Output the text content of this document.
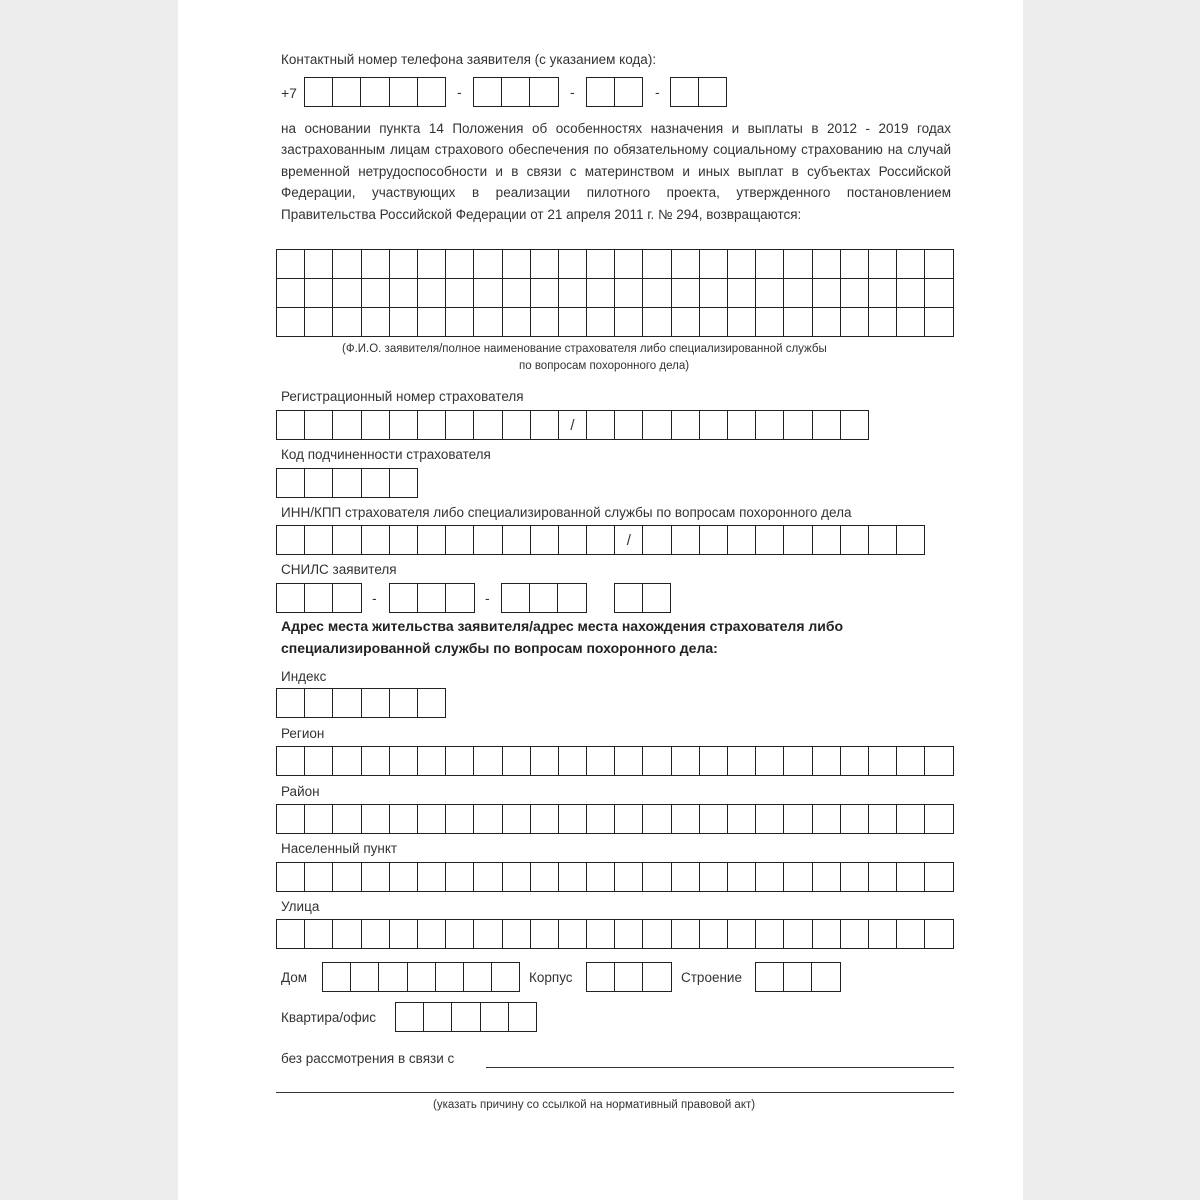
Контактный номер телефона заявителя (с указанием кода):
+7	-	-	-
на основании пункта 14 Положения об особенностях назначения и выплаты в 2012 - 2019 годах застрахованным лицам страхового обеспечения по обязательному социальному страхованию на случай временной нетрудоспособности и в связи с материнством и иных выплат в субъектах Российской Федерации, участвующих в реализации пилотного проекта, утвержденного постановлением Правительства Российской Федерации от 21 апреля 2011 г. № 294, возвращаются:
(Ф.И.О. заявителя/полное наименование страхователя либо специализированной службы
по вопросам похоронного дела)
Регистрационный номер страхователя
/
Код подчиненности страхователя
ИНН/КПП страхователя либо специализированной службы по вопросам похоронного дела
/
СНИЛС заявителя
-	-
Адрес места жительства заявителя/адрес места нахождения страхователя либо
специализированной службы по вопросам похоронного дела:
Индекс
Регион
Район
Населенный пункт
Улица
Дом	Корпус	Строение
Квартира/офис
без рассмотрения в связи с
(указать причину со ссылкой на нормативный правовой акт)
